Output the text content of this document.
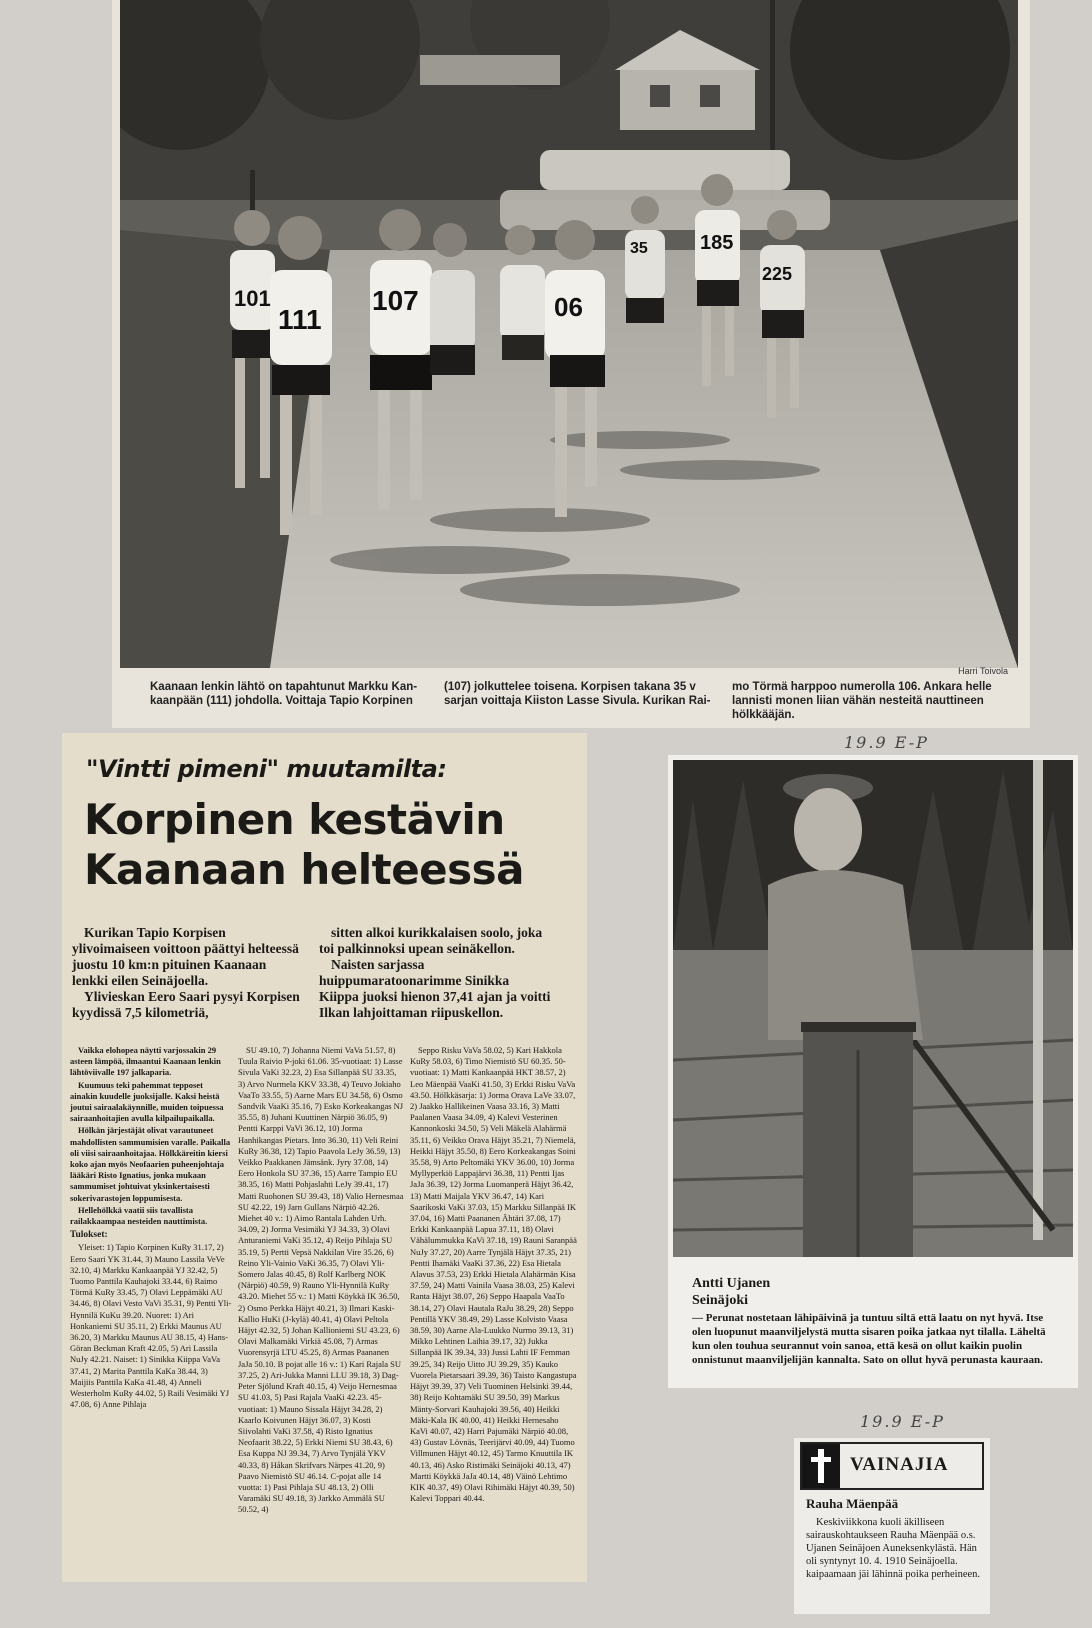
101
111
107	06
185
225
35
Harri Toivola
Kaanaan lenkin lähtö on tapahtunut Markku Kan-
kaanpään (111) johdolla. Voittaja Tapio Korpinen
(107) jolkuttelee toisena. Korpisen takana 35 v
sarjan voittaja Kiiston Lasse Sivula. Kurikan Rai-
mo Törmä harppoo numerolla 106. Ankara helle
lannisti monen liian vähän nesteitä nauttineen
hölkkääjän.
"Vintti pimeni" muutamilta:
Korpinen kestävin
Kaanaan helteessä

Kurikan Tapio Korpisen ylivoimaiseen voittoon päättyi helteessä juostu 10 km:n pituinen Kaanaan lenkki eilen Seinäjoella.

Ylivieskan Eero Saari pysyi Korpisen kyydissä 7,5 kilometriä,

sitten alkoi kurikkalaisen soolo, joka toi palkinnoksi upean seinäkellon.

Naisten sarjassa huippumaratoonarimme Sinikka Kiippa juoksi hienon 37,41 ajan ja voitti Ilkan lahjoittaman riipuskellon.

Vaikka elohopea näytti varjossakin 29 asteen lämpöä, ilmaantui Kaanaan lenkin lähtöviivalle 197 jalkapariа.

Kuumuus teki pahemmat tepposet ainakin kuudelle juoksijalle. Kaksi heistä joutui sairaalakäynnille, muiden toipuessa sairaanhoitajien avulla kilpailupaikalla.

Hölkän järjestäjät olivat varautuneet mahdollisten sammumisien varalle. Paikalla oli viisi sairaanhoitajaa. Hölkkäreitin kiersi koko ajan myös Neofaarien puheenjohtaja lääkäri Risto Ignatius, jonka mukaan sammumiset johtuivat yksinkertaisesti sokerivarastojen loppumisesta.

Hellehölkkä vaatii siis tavallista railakkaampaa nesteiden nauttimista.

Tulokset:

Yleiset: 1) Tapio Korpinen KuRy 31.17, 2) Eero Saari YK 31.44, 3) Mauno Lassila VeVe 32.10, 4) Markku Kankaanpää YJ 32.42, 5) Tuomo Panttila Kauhajoki 33.44, 6) Raimo Törmä KuRy 33.45, 7) Olavi Leppämäki AU 34.46, 8) Olavi Vesto VaVi 35.31, 9) Pentti Yli-Hynnilä KuKu 39.20. Nuoret: 1) Ari Honkaniemi SU 35.11, 2) Erkki Maunus AU 36.20, 3) Markku Maunus AU 38.15, 4) Hans-Göran Beckman Kraft 42.05, 5) Ari Lassila NuJy 42.21. Naiset: 1) Sinikka Kiippa VaVa 37.41, 2) Marita Panttila KaKa 38.44, 3) Maijiis Panttila KaKa 41.48, 4) Anneli Westerholm KuRy 44.02, 5) Raili Vesimäki YJ 47.08, 6) Anne Pihlaja

SU 49.10, 7) Johanna Niemi VaVa 51.57, 8) Tuula Raivio P-joki 61.06. 35-vuotiaat: 1) Lasse Sivula VaKi 32.23, 2) Esa Sillanpää SU 33.35, 3) Arvo Nurmela KKV 33.38, 4) Teuvo Jokiaho VaaTo 33.55, 5) Aarne Mars EU 34.58, 6) Osmo Sandvik VaaKi 35.16, 7) Esko Korkeakangas NJ 35.55, 8) Juhani Kuuttinen Närpiö 36.05, 9) Pentti Karppi VaVi 36.12, 10) Jorma Hanhikangas Pietars. Into 36.30, 11) Veli Reini KuRy 36.38, 12) Tapio Paavola LeJy 36.59, 13) Veikko Paakkanen Jämsänk. Jyry 37.08, 14) Eero Honkola SU 37.36, 15) Aarre Tampio EU 38.35, 16) Matti Pohjaslahti LeJy 39.41, 17) Matti Ruohonen SU 39.43, 18) Valio Hernesmaa SU 42.22, 19) Jarn Gullans Närpiö 42.26. Miehet 40 v.: 1) Aimo Rantala Lahden Urh. 34.09, 2) Jorma Vesimäki YJ 34.33, 3) Olavi Anturaniemi VaKi 35.12, 4) Reijo Pihlaja SU 35.19, 5) Pertti Vepsä Nakkilan Vire 35.26, 6) Reino Yli-Vainio VaKi 36.35, 7) Olavi Yli-Somero Jalas 40.45, 8) Rolf Karlberg NOK (Närpiö) 40.59, 9) Rauno Yli-Hynnilä KuRy 43.20. Miehet 55 v.: 1) Matti Köykkä IK 36.50, 2) Osmo Perkka Häjyt 40.21, 3) Ilmari Kaski-Kallio HuKi (J-kylä) 40.41, 4) Olavi Peltola Häjyt 42.32, 5) Johan Kallioniemi SU 43.23, 6) Olavi Malkamäki Virkiä 45.08, 7) Armas Vuorensyrjä LTU 45.25, 8) Armas Paananen JaJa 50.10. B pojat alle 16 v.: 1) Kari Rajala SU 37.25, 2) Ari-Jukka Manni LLU 39.18, 3) Dag-Peter Sjölund Kraft 40.15, 4) Veijo Hernesmaa SU 41.03, 5) Pasi Rajala VaaKi 42.23. 45-vuotiaat: 1) Mauno Sissala Häjyt 34.28, 2) Kaarlo Koivunen Häjyt 36.07, 3) Kosti Siivolahti VaKi 37.58, 4) Risto Ignatius Neofaarit 38.22, 5) Erkki Niemi SU 38.43, 6) Esa Kuppa NJ 39.34, 7) Arvo Tynjälä YKV 40.33, 8) Håkan Skrifvars Närpes 41.20, 9) Paavo Niemistö SU 46.14. C-pojat alle 14 vuotta: 1) Pasi Pihlaja SU 48.13, 2) Olli Varamäki SU 49.18, 3) Jarkko Ammälä SU 50.52, 4)

Seppo Risku VaVa 58.02, 5) Kari Hakkola KuRy 58.03, 6) Timo Niemistö SU 60.35. 50-vuotiaat: 1) Matti Kankaanpää HKT 38.57, 2) Leo Mäenpää VaaKi 41.50, 3) Erkki Risku VaVa 43.50. Hölkkäsarja: 1) Jorma Orava LaVe 33.07, 2) Jaakko Hallikeinen Vaasa 33.16, 3) Matti Paalanen Vaasa 34.09, 4) Kalevi Vesterinen Kannonkoski 34.50, 5) Veli Mäkelä Alahärmä 35.11, 6) Veikko Orava Häjyt 35.21, 7) Niemelä, Heikki Häjyt 35.50, 8) Eero Korkeakangas Soini 35.58, 9) Arto Peltomäki YKV 36.00, 10) Jorma Myllyperkiö Lappajärvi 36.38, 11) Pentti Ijas JaJa 36.39, 12) Jorma Luomanperä Häjyt 36.42, 13) Matti Maijala YKV 36.47, 14) Kari Saarikoski VaKi 37.03, 15) Markku Sillanpää IK 37.04, 16) Matti Paananen Ähtäri 37.08, 17) Erkki Kankaanpää Lapua 37.11, 18) Olavi Vähälummukka KaVi 37.18, 19) Rauni Saranpää NuJy 37.27, 20) Aarre Tynjälä Häjyt 37.35, 21) Pentti Ihamäki VaaKi 37.36, 22) Esa Hietala Alavus 37.53, 23) Erkki Hietala Alahärmän Kisa 37.59, 24) Matti Vainila Vaasa 38.03, 25) Kalevi Ranta Häjyt 38.07, 26) Seppo Haapala VaaTo 38.14, 27) Olavi Hautala RaJu 38.29, 28) Seppo Pentillä YKV 38.49, 29) Lasse Kolvisto Vaasa 38.59, 30) Aarne Ala-Luukko Nurmo 39.13, 31) Mikko Lehtinen Laihia 39.17, 32) Jukka Sillanpää IK 39.34, 33) Jussi Lahti IF Femman 39.25, 34) Reijo Uitto JU 39.29, 35) Kauko Vuorela Pietarsaari 39.39, 36) Taisto Kangastupa Häjyt 39.39, 37) Veli Tuominen Helsinki 39.44, 38) Reijo Kohtamäki SU 39.50, 39) Markus Mänty-Sorvari Kauhajoki 39.56, 40) Heikki Mäki-Kala IK 40.00, 41) Heikki Hernesaho KaVi 40.07, 42) Harri Pajumäki Närpiö 40.08, 43) Gustav Lövnäs, Teerijärvi 40.09, 44) Tuomo Villmunen Häjyt 40.12, 45) Tarmo Knuuttila IK 40.13, 46) Asko Ristimäki Seinäjoki 40.13, 47) Martti Köykkä JaJa 40.14, 48) Väinö Lehtimo KIK 40.37, 49) Olavi Rihimäki Häjyt 40.39, 50) Kalevi Toppari 40.44.

19.9 E-P
Antti Ujanen
Seinäjoki

— Perunat nostetaan lähipäivinä ja tuntuu siltä että laatu on nyt hyvä. Itse olen luopunut maanviljelystä mutta sisaren poika jatkaa nyt tilalla. Läheltä kun olen touhua seurannut voin sanoa, että kesä on ollut kaikin puolin onnistunut maanviljelijän kannalta. Sato on ollut hyvä perunasta kauraan.

19.9 E-P
VAINAJIA
Rauha Mäenpää

Keskiviikkona kuoli äkilliseen sairauskohtaukseen Rauha Mäenpää o.s. Ujanen Seinäjoen Auneksenkylästä. Hän oli syntynyt 10. 4. 1910 Seinäjoella. kaipaamaan jäi lähinnä poika perheineen.
